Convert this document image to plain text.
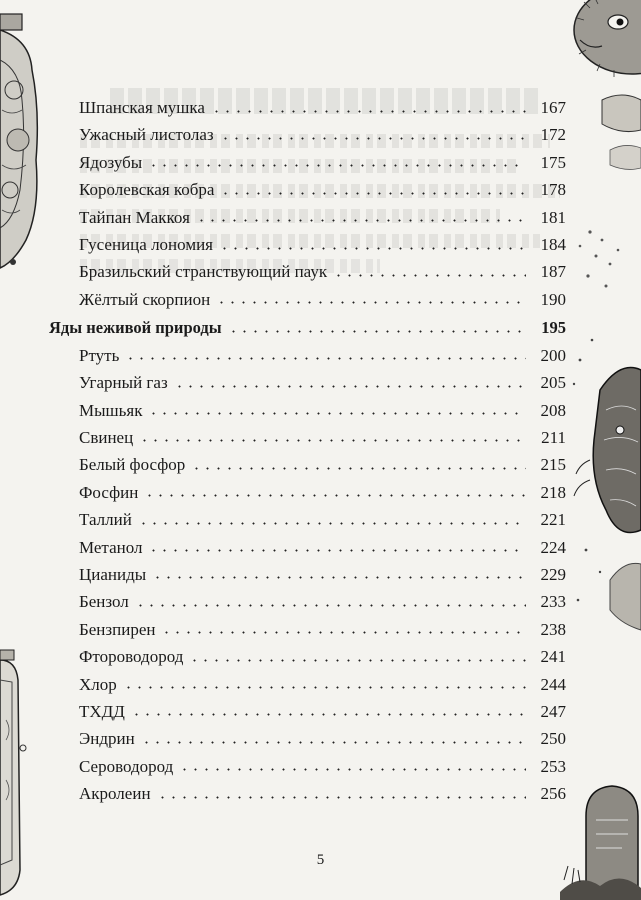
Шпанская мушка	167
Ужасный листолаз	172
Ядозубы	175
Королевская кобра	178
Тайпан Маккоя	181
Гусеница лономия	184
Бразильский странствующий паук	187
Жёлтый скорпион	190
Яды неживой природы	195
Ртуть	200
Угарный газ	205
Мышьяк	208
Свинец	211
Белый фосфор	215
Фосфин	218
Таллий	221
Метанол	224
Цианиды	229
Бензол	233
Бензпирен	238
Фтороводород	241
Хлор	244
ТХДД	247
Эндрин	250
Сероводород	253
Акролеин	256
5
